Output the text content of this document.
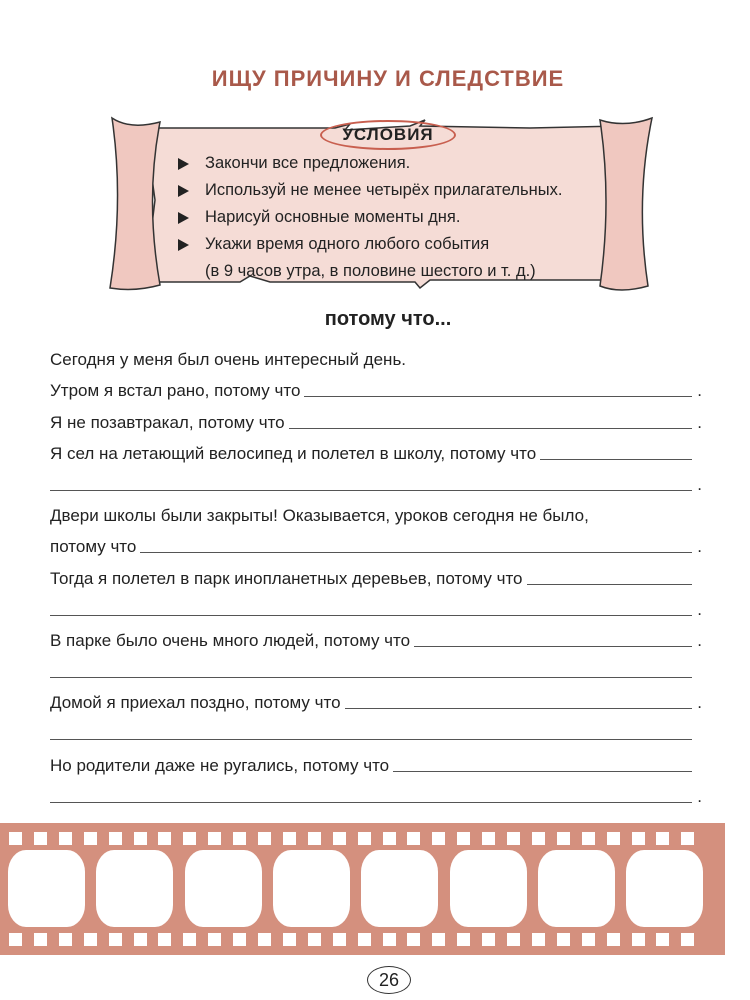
ИЩУ ПРИЧИНУ И СЛЕДСТВИЕ
УСЛОВИЯ
Закончи все предложения.
Используй не менее четырёх прилагательных.
Нарисуй основные моменты дня.
Укажи время одного любого события
(в 9 часов утра, в половине шестого и т. д.)
потому что...
Сегодня у меня был очень интересный день.
Утром я встал рано, потому что	.
Я не позавтракал, потому что	.
Я сел на летающий велосипед и полетел в школу, потому что
.
Двери школы были закрыты! Оказывается, уроков сегодня не было,
потому что	.
Тогда я полетел в парк инопланетных деревьев, потому что
.
В парке было очень много людей, потому что	.
Домой я приехал поздно, потому что	.
Но родители даже не ругались, потому что
.
26
